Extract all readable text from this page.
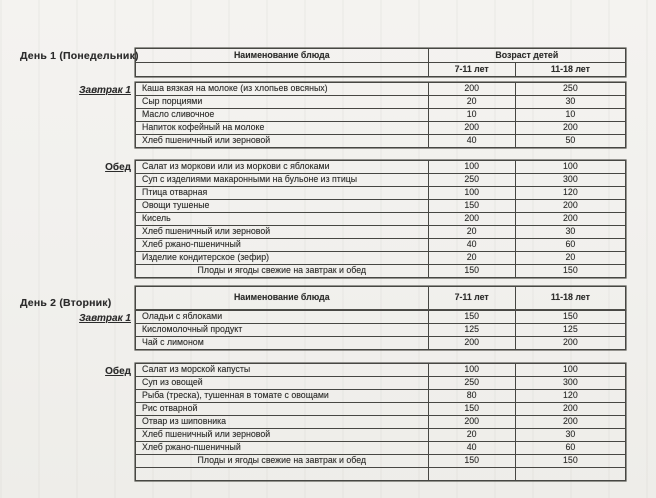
День 1 (Понедельник)	Наименование блюда	Возраст детей	
	7-11 лет	11-18 лет
Завтрак 1 Каша вязкая на молоке (из хлопьев овсяных)	200	250
Сыр порциями	20	30
Масло сливочное	10	10
Напиток кофейный на молоке	200	200
Хлеб пшеничный или зерновой	40	50
Обед Салат из моркови или из моркови с яблоками	100	100
Суп с изделиями макаронными на бульоне из птицы	250	300
Птица отварная	100	120
Овощи тушеные	150	200
Кисель	200	200
Хлеб пшеничный или зерновой	20	30
Хлеб ржано-пшеничный	40	60
Изделие кондитерское (зефир)	20	20
Плоды и ягоды свежие на завтрак и обед	150	150
День 2 (Вторник)	Наименование блюда	7-11 лет	11-18 лет
Завтрак 1 Оладьи с яблоками	150	150
Кисломолочный продукт	125	125
Чай с лимоном	200	200
Обед Салат из морской капусты	100	100
Суп из овощей	250	300
Рыба (треска), тушенная в томате с овощами	80	120
Рис отварной	150	200
Отвар из шиповника	200	200
Хлеб пшеничный или зерновой	20	30
Хлеб ржано-пшеничный	40	60
Плоды и ягоды свежие на завтрак и обед	150	150
